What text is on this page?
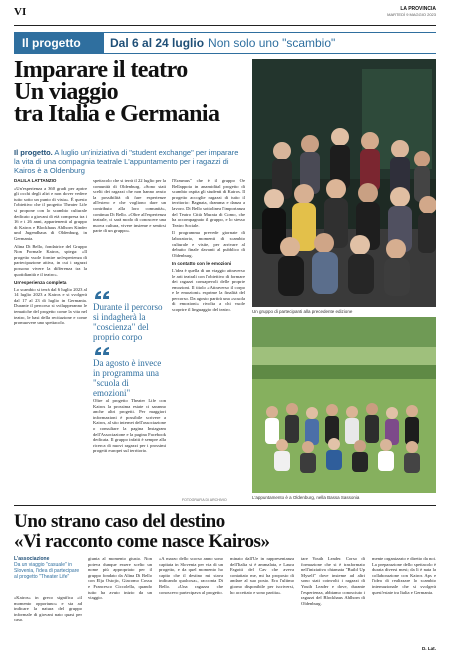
VI	LA PROVINCIA
MARTEDÌ 9 MAGGIO 2023
Il progetto	Dal 6 al 24 luglio Non solo uno "scambio"
Imparare il teatro
Un viaggio
tra Italia e Germania
Il progetto. A luglio un'iniziativa di "student exchange" per imparare la vita di una compagnia teatrale L'appuntamento per i ragazzi di Kairos è a Oldenburg
DALILA LATTANZIO

«Un'esperienza a 360 gradi per aprire gli occhi degli altri e non dover vedere tutto sotto un punto di vista». È questo l'obiettivo che il progetto Theater Life si propone con lo scambio culturale dedicato a giovani di età compresa tra i 16 e i 26 anni, appartenenti al gruppo di Kairos e Blockhaus Ahlhorn Kinder und Jugendhaus di Oldenburg, in Germania.

Alina Di Bello, fondatrice del Gruppo Non Formale Kairos, spiega: «Il progetto vuole fornire un'esperienza di partecipazione attiva, in cui i ragazzi possono vivere la differenza tra la quotidianità e il teatro».

Un'esperienza completa

Lo scambio si terrà dal 6 luglio 2023 al 14 luglio 2023 a Kairos e si svolgerà dal 17 al 23 di luglio in Germania. Durante il percorso si svilupperanno le tematiche del progetto come la vita nel teatro, le basi della recitazione e come promuovere uno spettacolo.

spettacolo che si terrà il 22 luglio per la comunità di Oldenburg. «Sono stati scelti dei ragazzi che non hanno avuto la possibilità di fare esperienze all'estero e che vogliono dare un contributo alla loro comunità», continua Di Bello. «Oltre all'esperienza teatrale, ci sarà modo di conoscere una nuova cultura, vivere insieme e sentirsi parte di un gruppo».

Durante il percorso si indagherà la "coscienza" del proprio corpo
Da agosto è invece in programma una "scuola di emozioni"

Oltre al progetto Theater Life con Kairos la prossima estate ci saranno anche altri progetti. Per maggiori informazioni è possibile scrivere a Kairos, al sito internet dell'associazione o consultare la pagina Instagram dell'Associazione e la pagina Facebook dedicata. Il gruppo infatti è sempre alla ricerca di nuovi ragazzi per i prossimi progetti europei sul territorio.

l'Erasmus" che è il gruppo Oe Bellappota in anamidital progetto di scambio ospita gli studenti di Kairos. Il progetto accoglie ragazzi di tutto il territorio: Bagnata, dramma e danza a lavoro. Di Bello sottolinea l'importanza del Teatro Città Murata di Como, che ha accompagnato il gruppo, e lo stesso Teatro Sociale.

Il programma prevede giornate di laboratorio, momenti di scambio culturale e visite, per arrivare al debutto finale davanti al pubblico di Oldenburg.

In contatto con le emozioni

L'idea è quella di un viaggio attraverso le arti teatrali con l'obiettivo di formare dei ragazzi consapevoli delle proprie emozioni. Il titolo «Attraverso il corpo e le emozioni» esprime la finalità del percorso. Da agosto partirà una «scuola di emozioni» rivolta a chi vuole scoprire il linguaggio del teatro.	Un gruppo di partecipanti alla precedente edizione
L'appuntamento è a Oldenburg, nella Bassa Sassonia
FOTOGRAFIA DI ARCHIVIO
Uno strano caso del destino
«Vi racconto come nasce Kairos»
L'associazione
Da un viaggio "casuale" in Slovenia, l'idea di partecipare al progetto "Theater Life"
«Kairos» in greco significa «il momento opportuno» e sta ad indicare la natura del gruppo informale di giovani nato quasi per caso.
giunta al momento giusto. Non poteva dunque essere scelto un nome più appropriato per il gruppo fondato da Alina Di Bello con Elja Ostojic, Giacomo Cossu e Francesco Ciccolella, quando tutto ha avuto inizio da un viaggio.
«A marzo dello scorso anno sono capitata in Slovenia per via di un progetto, e da quel momento ho capito che il destino mi stava indicando qualcosa», racconta Di Bello. «Una ragazza che conoscevo partecipava al progetto.
minato dall'Ue in rappresentanza dell'Italia si è ammalata, e Laura Fagotti del Cav che aveva contattato me, mi ha proposto di andare al suo posto. Era l'ultimo giorno disponibile per iscriversi, ho accettato e sono partita».
tare Youth Leader. Corso di formazione che si è trasformato nell'iniziativa chiamata "Build Up Myself" dove insieme ad altri sono stati coinvolti i ragazzi di Youth Leader e dove, durante l'esperienza, abbiamo conosciuto i ragazzi del Blockhaus Ahlhorn di Oldenburg.
mente organizzato e diretto da noi. La preparazione dello spettacolo è durata diversi mesi; da lì è nata la collaborazione con Kairos Aps e l'idea di realizzare lo scambio internazionale che si svolgerà quest'estate tra Italia e Germania.
D. Lat.
